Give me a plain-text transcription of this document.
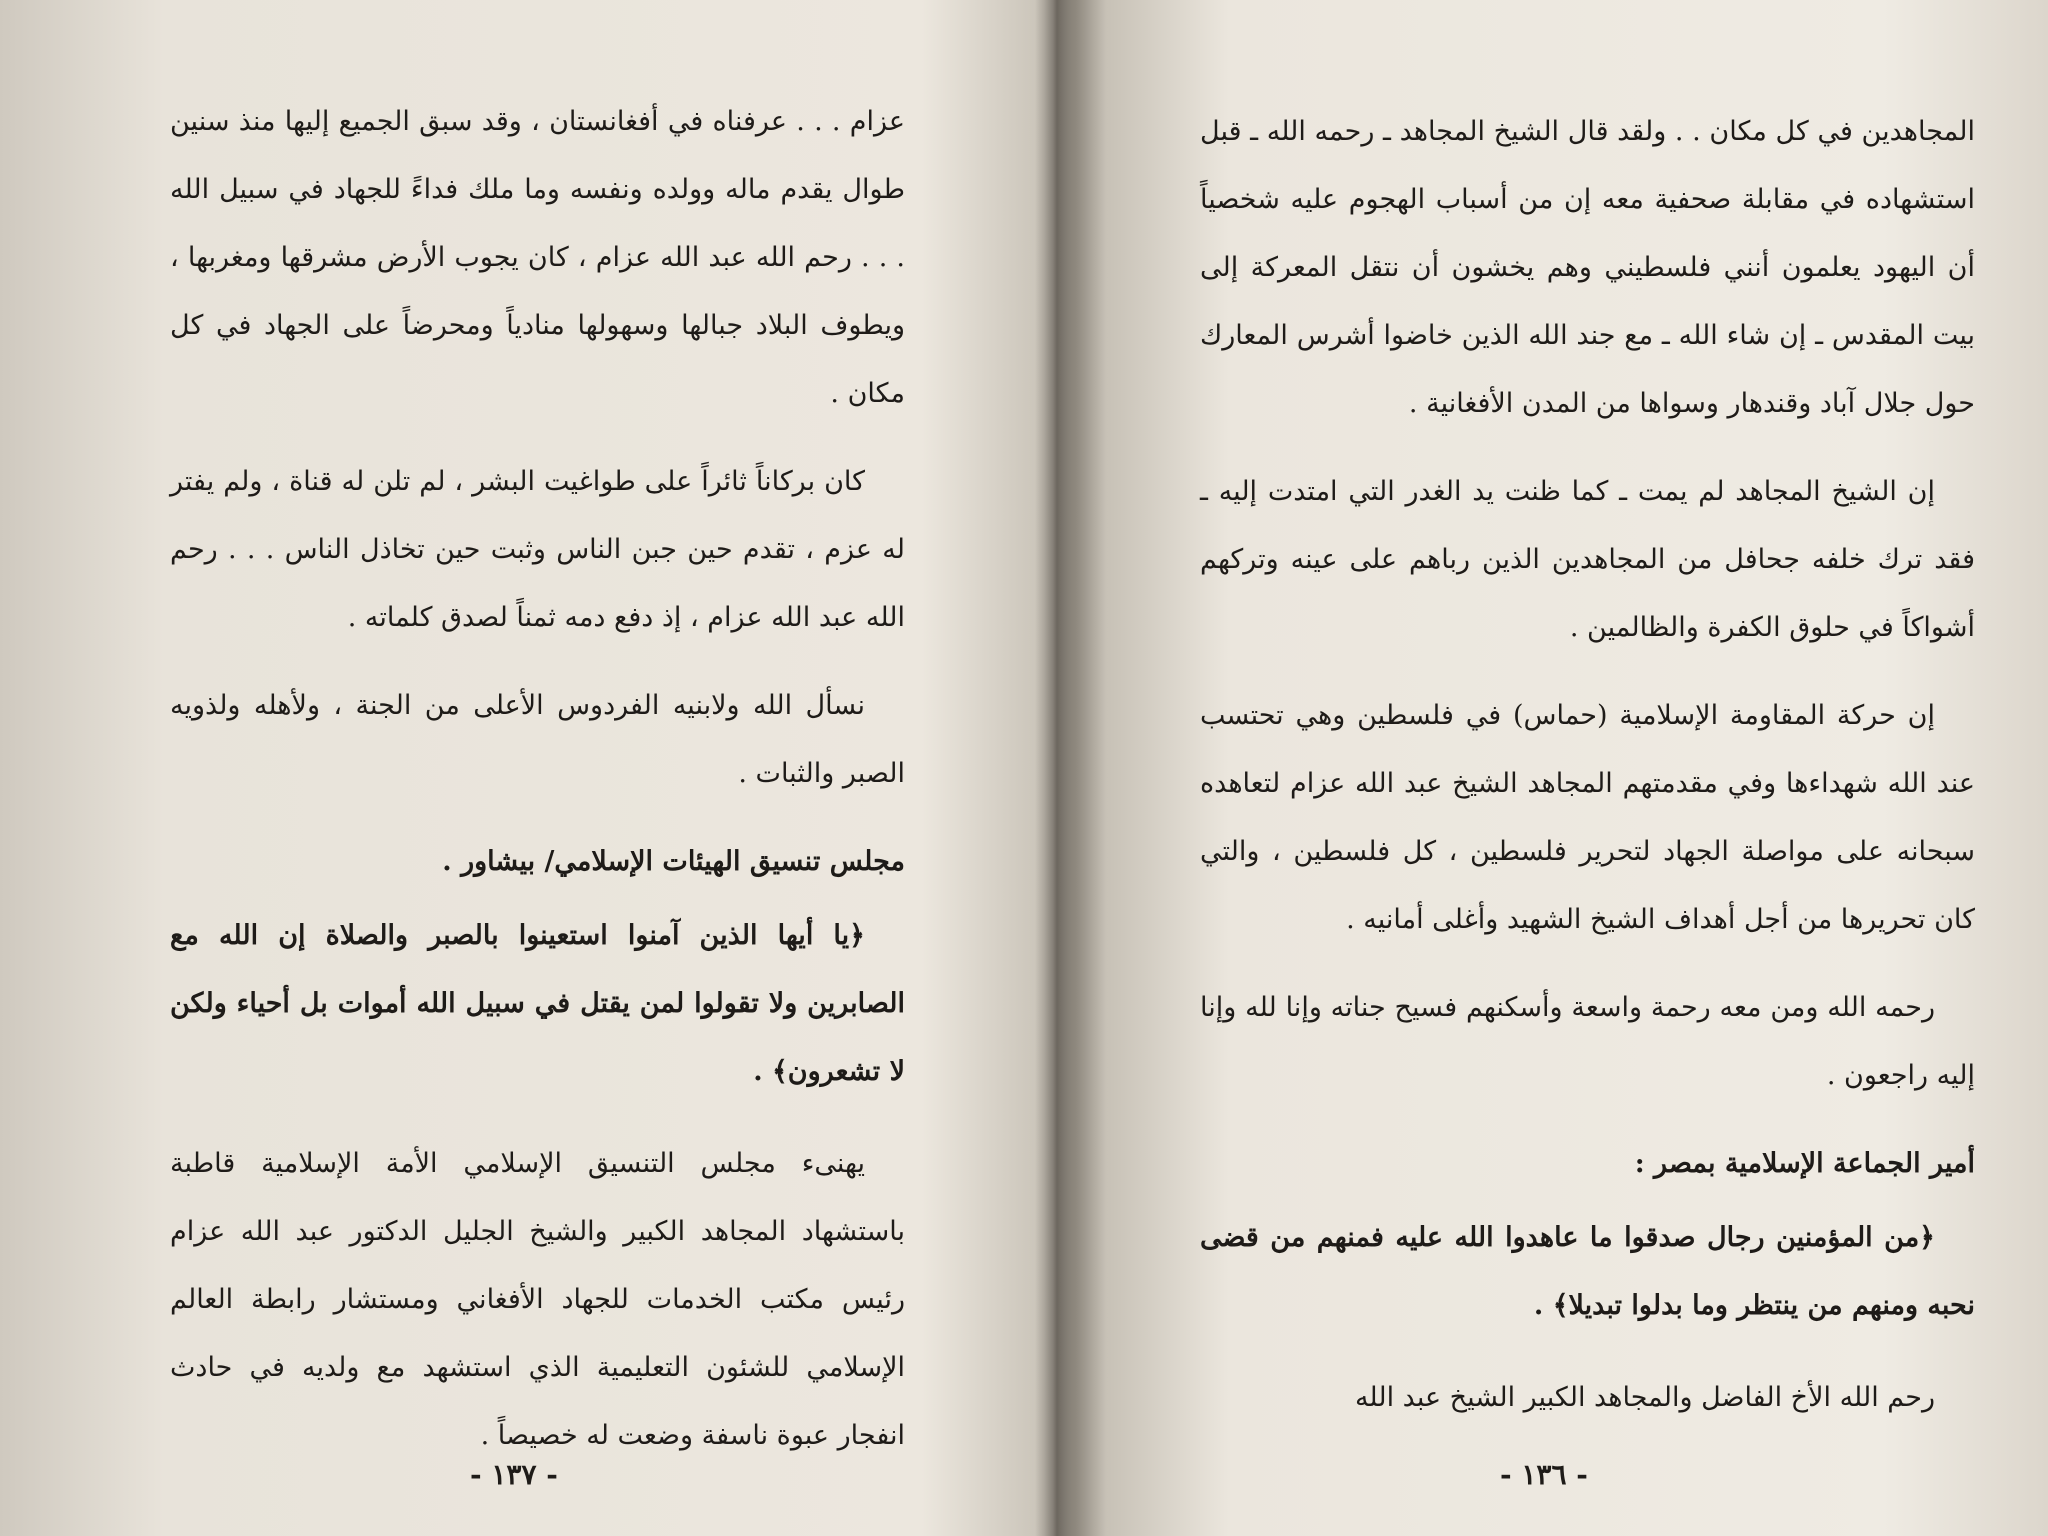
عزام . . . عرفناه في أفغانستان ، وقد سبق الجميع إليها منذ سنين طوال يقدم ماله وولده ونفسه وما ملك فداءً للجهاد في سبيل الله . . . رحم الله عبد الله عزام ، كان يجوب الأرض مشرقها ومغربها ، ويطوف البلاد جبالها وسهولها منادياً ومحرضاً على الجهاد في كل مكان .

كان بركاناً ثائراً على طواغيت البشر ، لم تلن له قناة ، ولم يفتر له عزم ، تقدم حين جبن الناس وثبت حين تخاذل الناس . . . رحم الله عبد الله عزام ، إذ دفع دمه ثمناً لصدق كلماته .

نسأل الله ولابنيه الفردوس الأعلى من الجنة ، ولأهله ولذويه الصبر والثبات .

مجلس تنسيق الهيئات الإسلامي/ بيشاور .

﴿يا أيها الذين آمنوا استعينوا بالصبر والصلاة إن الله مع الصابرين ولا تقولوا لمن يقتل في سبيل الله أموات بل أحياء ولكن لا تشعرون﴾ .

يهنىء مجلس التنسيق الإسلامي الأمة الإسلامية قاطبة باستشهاد المجاهد الكبير والشيخ الجليل الدكتور عبد الله عزام رئيس مكتب الخدمات للجهاد الأفغاني ومستشار رابطة العالم الإسلامي للشئون التعليمية الذي استشهد مع ولديه في حادث انفجار عبوة ناسفة وضعت له خصيصاً .

- ١٣٧ -

المجاهدين في كل مكان . . ولقد قال الشيخ المجاهد ـ رحمه الله ـ قبل استشهاده في مقابلة صحفية معه إن من أسباب الهجوم عليه شخصياً أن اليهود يعلمون أنني فلسطيني وهم يخشون أن نتقل المعركة إلى بيت المقدس ـ إن شاء الله ـ مع جند الله الذين خاضوا أشرس المعارك حول جلال آباد وقندهار وسواها من المدن الأفغانية .

إن الشيخ المجاهد لم يمت ـ كما ظنت يد الغدر التي امتدت إليه ـ فقد ترك خلفه جحافل من المجاهدين الذين رباهم على عينه وتركهم أشواكاً في حلوق الكفرة والظالمين .

إن حركة المقاومة الإسلامية (حماس) في فلسطين وهي تحتسب عند الله شهداءها وفي مقدمتهم المجاهد الشيخ عبد الله عزام لتعاهده سبحانه على مواصلة الجهاد لتحرير فلسطين ، كل فلسطين ، والتي كان تحريرها من أجل أهداف الشيخ الشهيد وأغلى أمانيه .

رحمه الله ومن معه رحمة واسعة وأسكنهم فسيح جناته وإنا لله وإنا إليه راجعون .

أمير الجماعة الإسلامية بمصر :

﴿من المؤمنين رجال صدقوا ما عاهدوا الله عليه فمنهم من قضى نحبه ومنهم من ينتظر وما بدلوا تبديلا﴾ .

رحم الله الأخ الفاضل والمجاهد الكبير الشيخ عبد الله

- ١٣٦ -
